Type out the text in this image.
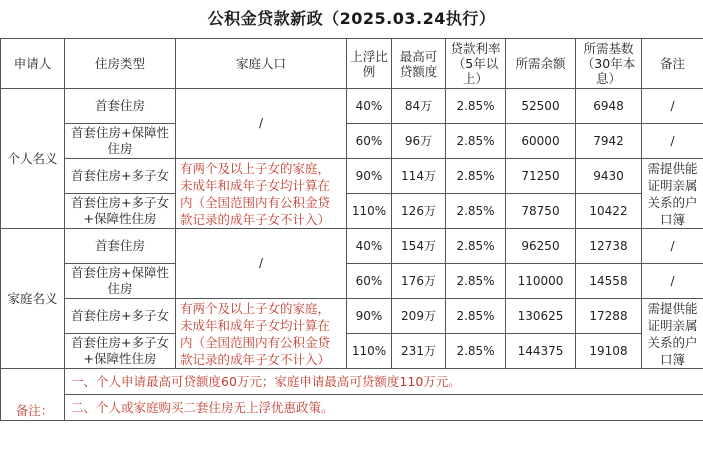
公积金贷款新政（2025.03.24执行）
申请人	住房类型	家庭人口	上浮比例	最高可贷额度	贷款利率（5年以上）	所需余额	所需基数（30年本息）	备注
个人名义	首套住房	/	40%	84万	2.85%	52500	6948	/
	首套住房+保障性住房		60%	96万	2.85%	60000	7942	/
	首套住房+多子女	有两个及以上子女的家庭，未成年和成年子女均计算在内（全国范围内有公积金贷款记录的成年子女不计入）	90%	114万	2.85%	71250	9430	需提供能证明亲属关系的户口簿
	首套住房+多子女+保障性住房		110%	126万	2.85%	78750	10422	
家庭名义	首套住房	/	40%	154万	2.85%	96250	12738	/
	首套住房+保障性住房		60%	176万	2.85%	110000	14558	/
	首套住房+多子女	有两个及以上子女的家庭，未成年和成年子女均计算在内（全国范围内有公积金贷款记录的成年子女不计入）	90%	209万	2.85%	130625	17288	需提供能证明亲属关系的户口簿
	首套住房+多子女+保障性住房		110%	231万	2.85%	144375	19108	
备注：	一、个人申请最高可贷额度60万元；家庭申请最高可贷额度110万元。							
	二、个人或家庭购买二套住房无上浮优惠政策。							
